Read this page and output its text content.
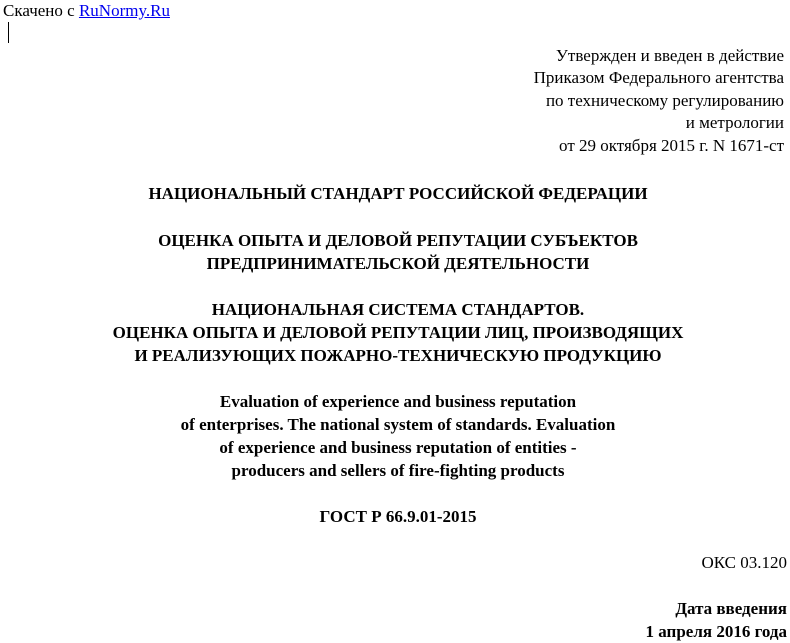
Скачено с RuNormy.Ru
Утвержден и введен в действие
Приказом Федерального агентства
по техническому регулированию
и метрологии
от 29 октября 2015 г. N 1671-ст
НАЦИОНАЛЬНЫЙ СТАНДАРТ РОССИЙСКОЙ ФЕДЕРАЦИИ
ОЦЕНКА ОПЫТА И ДЕЛОВОЙ РЕПУТАЦИИ СУБЪЕКТОВ
ПРЕДПРИНИМАТЕЛЬСКОЙ ДЕЯТЕЛЬНОСТИ
НАЦИОНАЛЬНАЯ СИСТЕМА СТАНДАРТОВ.
ОЦЕНКА ОПЫТА И ДЕЛОВОЙ РЕПУТАЦИИ ЛИЦ, ПРОИЗВОДЯЩИХ
И РЕАЛИЗУЮЩИХ ПОЖАРНО-ТЕХНИЧЕСКУЮ ПРОДУКЦИЮ
Evaluation of experience and business reputation
of enterprises. The national system of standards. Evaluation
of experience and business reputation of entities -
producers and sellers of fire-fighting products
ГОСТ Р 66.9.01-2015
ОКС 03.120
Дата введения
1 апреля 2016 года
